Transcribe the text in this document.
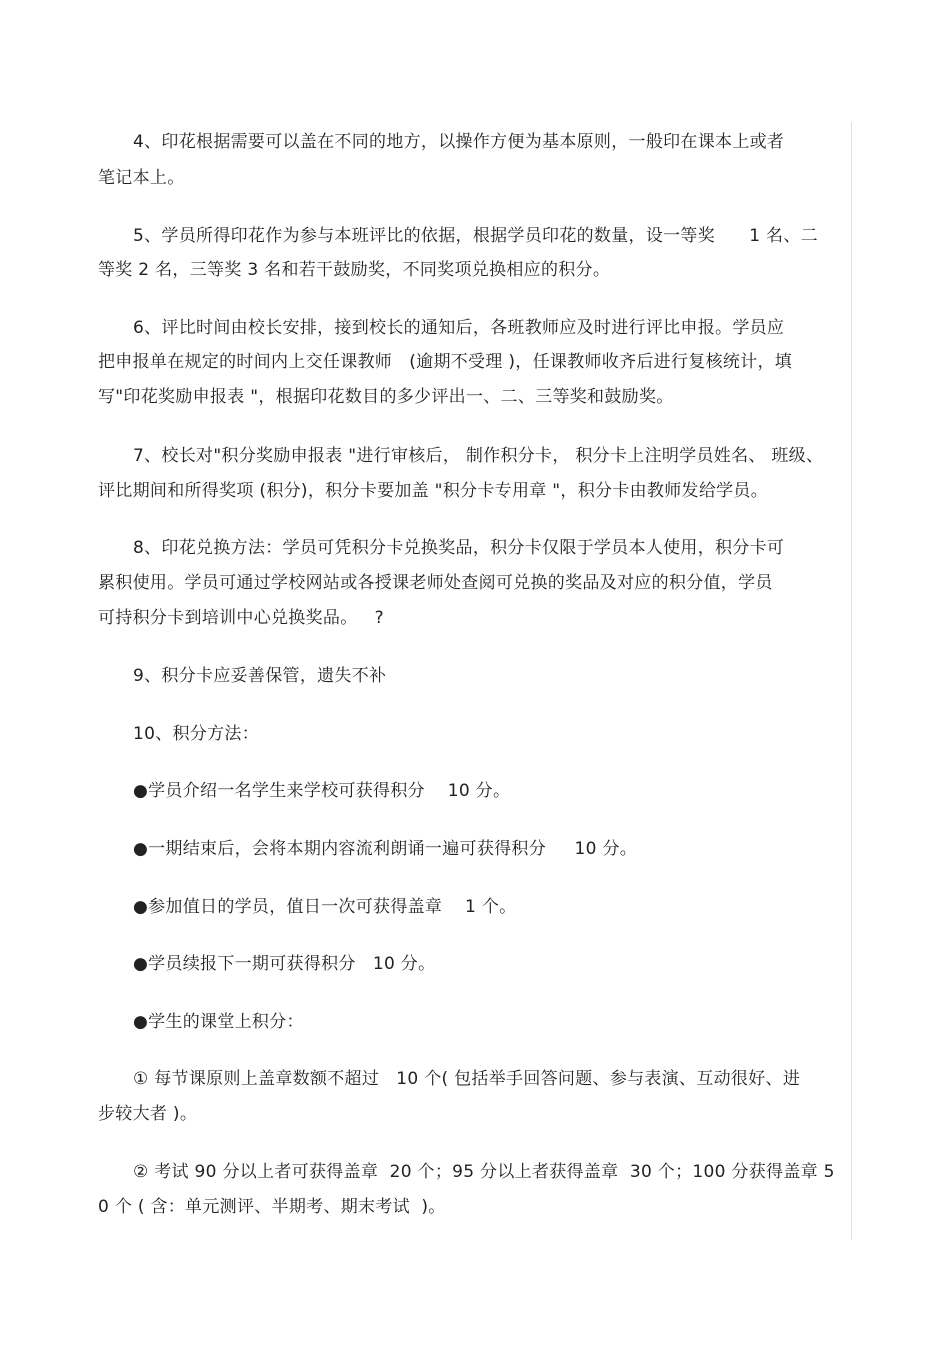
4、印花根据需要可以盖在不同的地方，以操作方便为基本原则，一般印在课本上或者
笔记本上。
5、学员所得印花作为参与本班评比的依据，根据学员印花的数量，设一等奖      1 名、二
等奖 2 名，三等奖 3 名和若干鼓励奖，不同奖项兑换相应的积分。
6、评比时间由校长安排，接到校长的通知后，各班教师应及时进行评比申报。学员应
把申报单在规定的时间内上交任课教师   (逾期不受理 )，任课教师收齐后进行复核统计，填
写"印花奖励申报表 "，根据印花数目的多少评出一、二、三等奖和鼓励奖。
7、校长对"积分奖励申报表 "进行审核后， 制作积分卡， 积分卡上注明学员姓名、 班级、
评比期间和所得奖项 (积分)，积分卡要加盖 "积分卡专用章 "，积分卡由教师发给学员。
8、印花兑换方法：学员可凭积分卡兑换奖品，积分卡仅限于学员本人使用，积分卡可
累积使用。学员可通过学校网站或各授课老师处查阅可兑换的奖品及对应的积分值，学员
可持积分卡到培训中心兑换奖品。   ?
9、积分卡应妥善保管，遗失不补
10、积分方法：
●学员介绍一名学生来学校可获得积分    10 分。
●一期结束后，会将本期内容流利朗诵一遍可获得积分     10 分。
●参加值日的学员，值日一次可获得盖章    1 个。
●学员续报下一期可获得积分   10 分。
●学生的课堂上积分：
① 每节课原则上盖章数额不超过   10 个( 包括举手回答问题、参与表演、互动很好、进
步较大者 )。
② 考试 90 分以上者可获得盖章  20 个；95 分以上者获得盖章  30 个；100 分获得盖章 5
0 个 ( 含：单元测评、半期考、期末考试  )。
